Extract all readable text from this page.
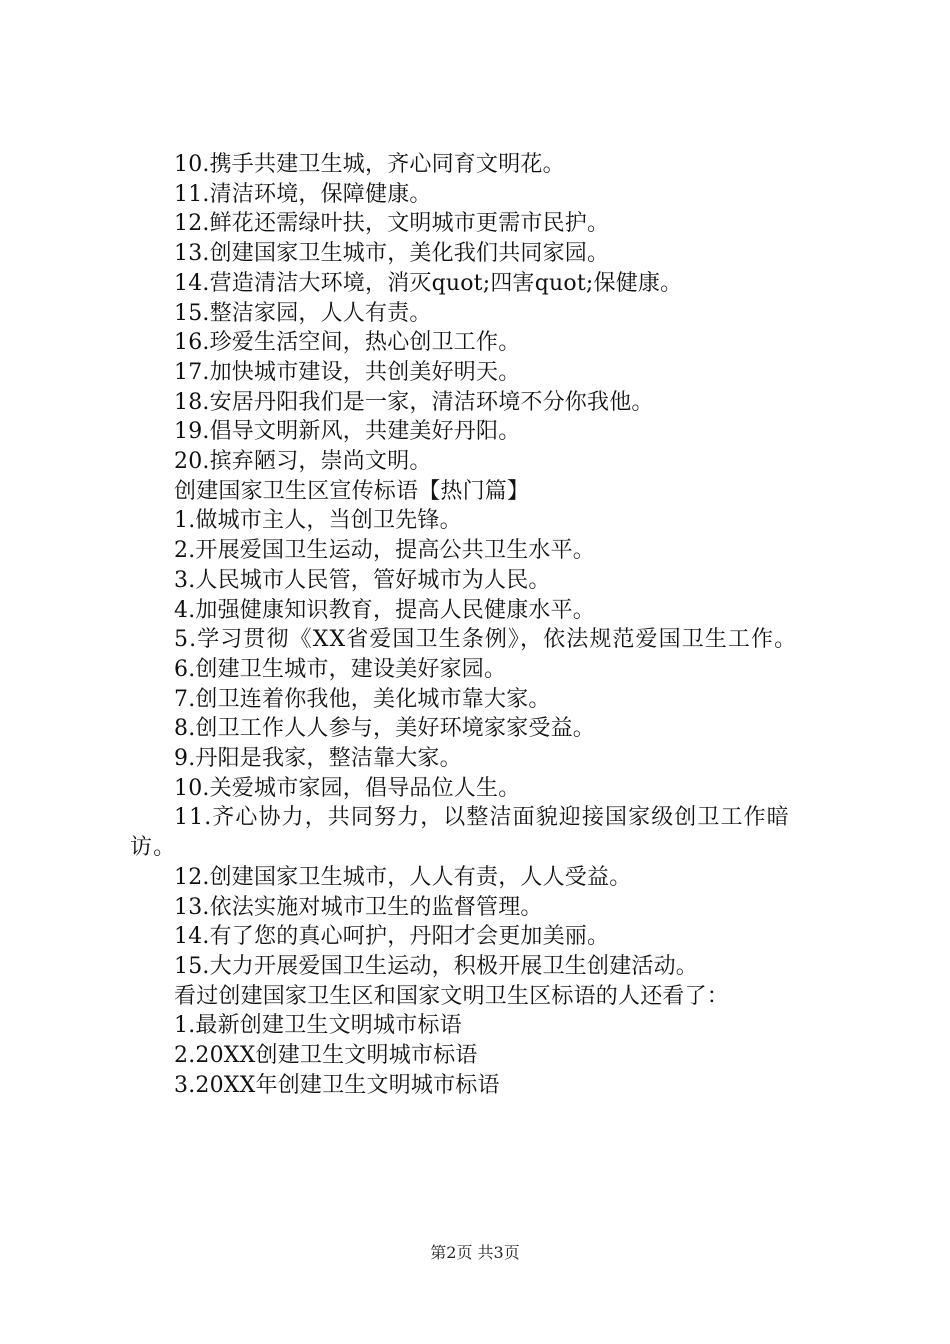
10.携手共建卫生城，齐心同育文明花。
11.清洁环境，保障健康。
12.鲜花还需绿叶扶，文明城市更需市民护。
13.创建国家卫生城市，美化我们共同家园。
14.营造清洁大环境，消灭quot;四害quot;保健康。
15.整洁家园，人人有责。
16.珍爱生活空间，热心创卫工作。
17.加快城市建设，共创美好明天。
18.安居丹阳我们是一家，清洁环境不分你我他。
19.倡导文明新风，共建美好丹阳。
20.摈弃陋习，崇尚文明。
创建国家卫生区宣传标语【热门篇】
1.做城市主人，当创卫先锋。
2.开展爱国卫生运动，提高公共卫生水平。
3.人民城市人民管，管好城市为人民。
4.加强健康知识教育，提高人民健康水平。
5.学习贯彻《XX省爱国卫生条例》，依法规范爱国卫生工作。
6.创建卫生城市，建设美好家园。
7.创卫连着你我他，美化城市靠大家。
8.创卫工作人人参与，美好环境家家受益。
9.丹阳是我家，整洁靠大家。
10.关爱城市家园，倡导品位人生。
11.齐心协力，共同努力，以整洁面貌迎接国家级创卫工作暗访。
12.创建国家卫生城市，人人有责，人人受益。
13.依法实施对城市卫生的监督管理。
14.有了您的真心呵护，丹阳才会更加美丽。
15.大力开展爱国卫生运动，积极开展卫生创建活动。
看过创建国家卫生区和国家文明卫生区标语的人还看了：
1.最新创建卫生文明城市标语
2.20XX创建卫生文明城市标语
3.20XX年创建卫生文明城市标语
第2页 共3页
